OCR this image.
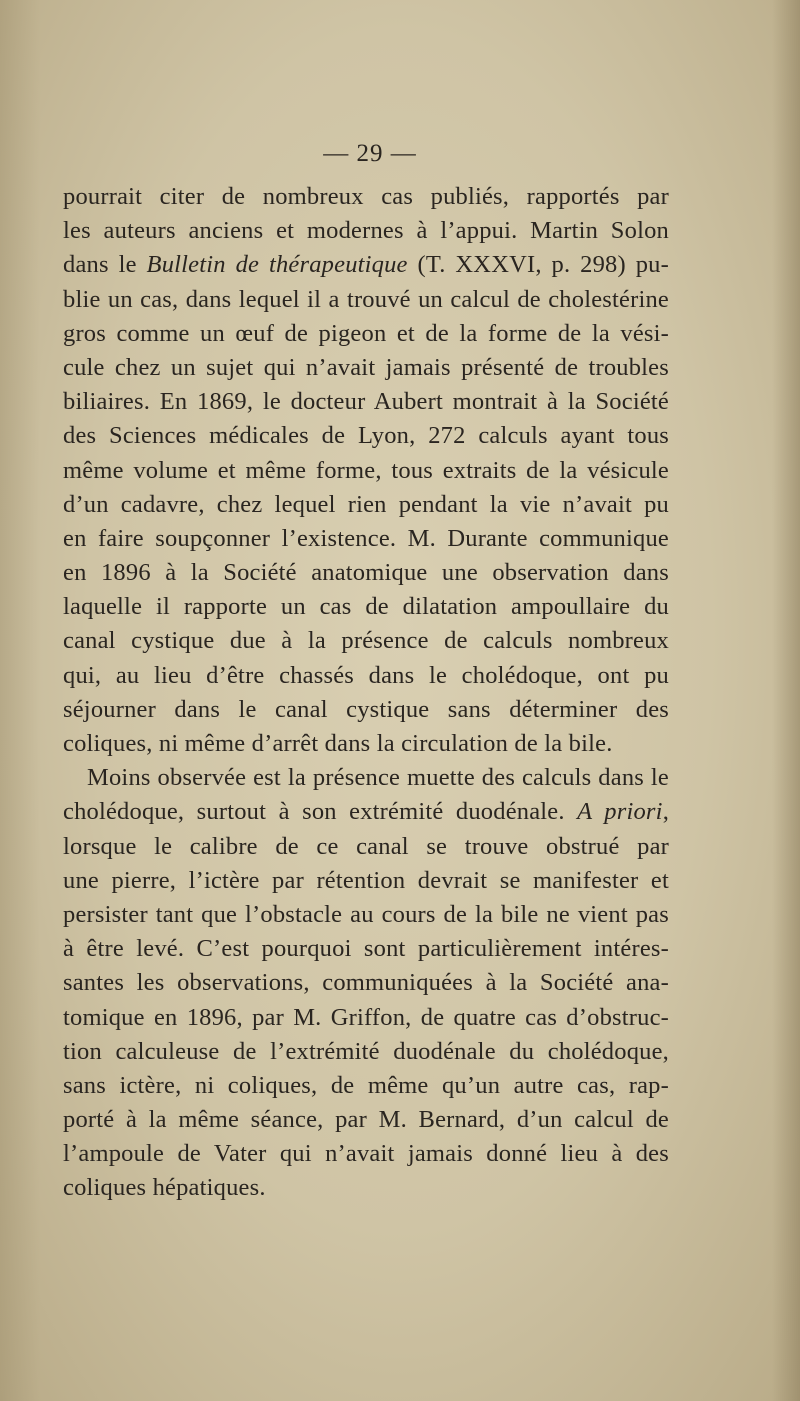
— 29 —
pourrait citer de nombreux cas publiés, rapportés par
les auteurs anciens et modernes à l’appui. Martin Solon
dans le Bulletin de thérapeutique (T. XXXVI, p. 298) pu-
blie un cas, dans lequel il a trouvé un calcul de cholestérine
gros comme un œuf de pigeon et de la forme de la vési-
cule chez un sujet qui n’avait jamais présenté de troubles
biliaires. En 1869, le docteur Aubert montrait à la Société
des Sciences médicales de Lyon, 272 calculs ayant tous
même volume et même forme, tous extraits de la vésicule
d’un cadavre, chez lequel rien pendant la vie n’avait pu
en faire soupçonner l’existence. M. Durante communique
en 1896 à la Société anatomique une observation dans
laquelle il rapporte un cas de dilatation ampoullaire du
canal cystique due à la présence de calculs nombreux
qui, au lieu d’être chassés dans le cholédoque, ont pu
séjourner dans le canal cystique sans déterminer des
coliques, ni même d’arrêt dans la circulation de la bile.
Moins observée est la présence muette des calculs dans le
cholédoque, surtout à son extrémité duodénale. A priori,
lorsque le calibre de ce canal se trouve obstrué par
une pierre, l’ictère par rétention devrait se manifester et
persister tant que l’obstacle au cours de la bile ne vient pas
à être levé. C’est pourquoi sont particulièrement intéres-
santes les observations, communiquées à la Société ana-
tomique en 1896, par M. Griffon, de quatre cas d’obstruc-
tion calculeuse de l’extrémité duodénale du cholédoque,
sans ictère, ni coliques, de même qu’un autre cas, rap-
porté à la même séance, par M. Bernard, d’un calcul de
l’ampoule de Vater qui n’avait jamais donné lieu à des
coliques hépatiques.
